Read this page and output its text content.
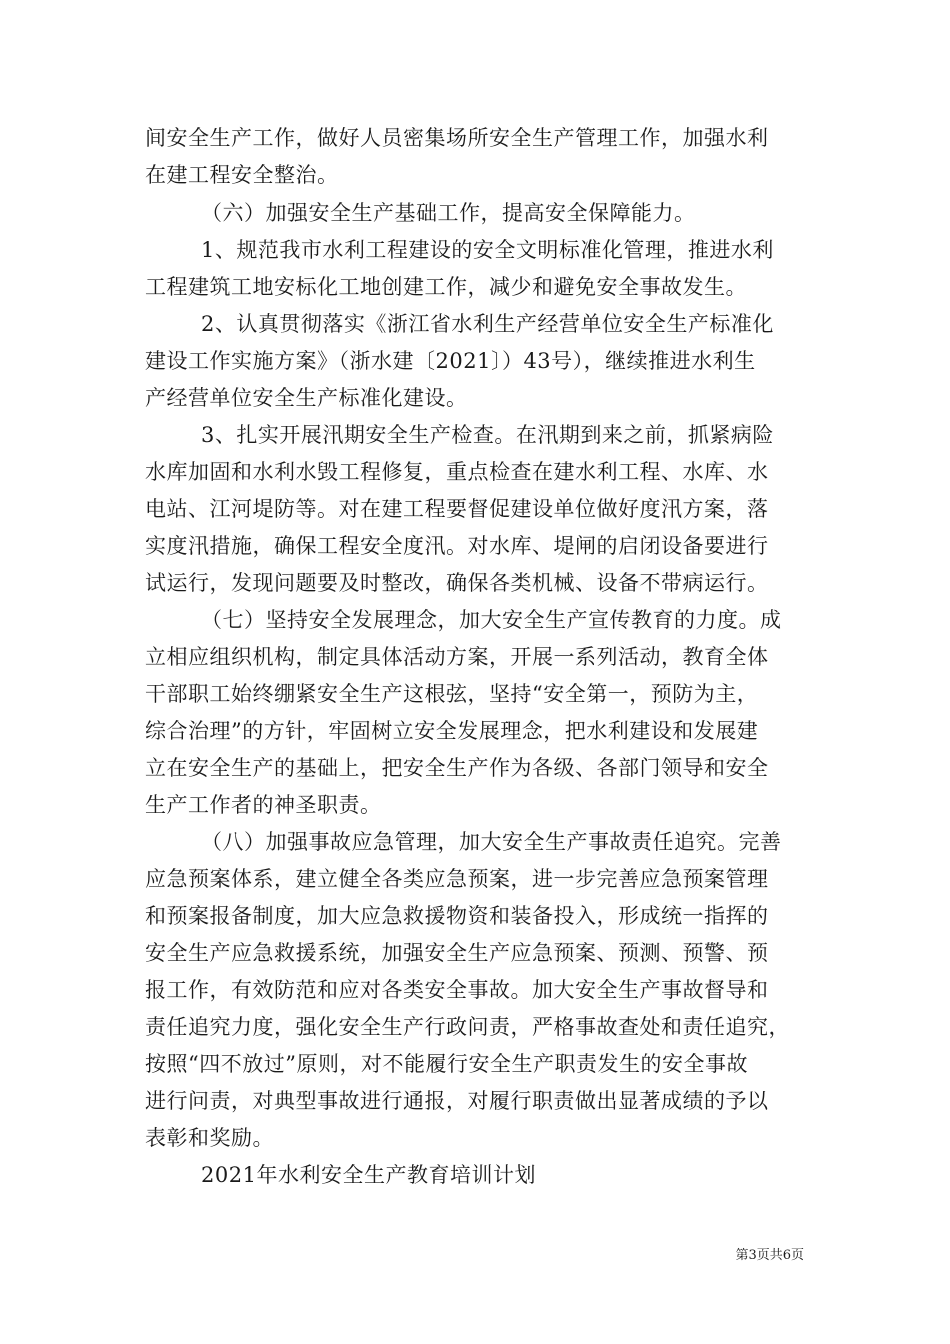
间安全生产工作，做好人员密集场所安全生产管理工作，加强水利
在建工程安全整治。
（六）加强安全生产基础工作，提高安全保障能力。
1、规范我市水利工程建设的安全文明标准化管理，推进水利
工程建筑工地安标化工地创建工作，减少和避免安全事故发生。
2、认真贯彻落实《浙江省水利生产经营单位安全生产标准化
建设工作实施方案》（浙水建〔2021〕）43号），继续推进水利生
产经营单位安全生产标准化建设。
3、扎实开展汛期安全生产检查。在汛期到来之前，抓紧病险
水库加固和水利水毁工程修复，重点检查在建水利工程、水库、水
电站、江河堤防等。对在建工程要督促建设单位做好度汛方案，落
实度汛措施，确保工程安全度汛。对水库、堤闸的启闭设备要进行
试运行，发现问题要及时整改，确保各类机械、设备不带病运行。
（七）坚持安全发展理念，加大安全生产宣传教育的力度。成
立相应组织机构，制定具体活动方案，开展一系列活动，教育全体
干部职工始终绷紧安全生产这根弦，坚持“安全第一，预防为主，
综合治理”的方针，牢固树立安全发展理念，把水利建设和发展建
立在安全生产的基础上，把安全生产作为各级、各部门领导和安全
生产工作者的神圣职责。
（八）加强事故应急管理，加大安全生产事故责任追究。完善
应急预案体系，建立健全各类应急预案，进一步完善应急预案管理
和预案报备制度，加大应急救援物资和装备投入，形成统一指挥的
安全生产应急救援系统，加强安全生产应急预案、预测、预警、预
报工作，有效防范和应对各类安全事故。加大安全生产事故督导和
责任追究力度，强化安全生产行政问责，严格事故查处和责任追究，
按照“四不放过”原则，对不能履行安全生产职责发生的安全事故
进行问责，对典型事故进行通报，对履行职责做出显著成绩的予以
表彰和奖励。
2021年水利安全生产教育培训计划
第3页共6页
